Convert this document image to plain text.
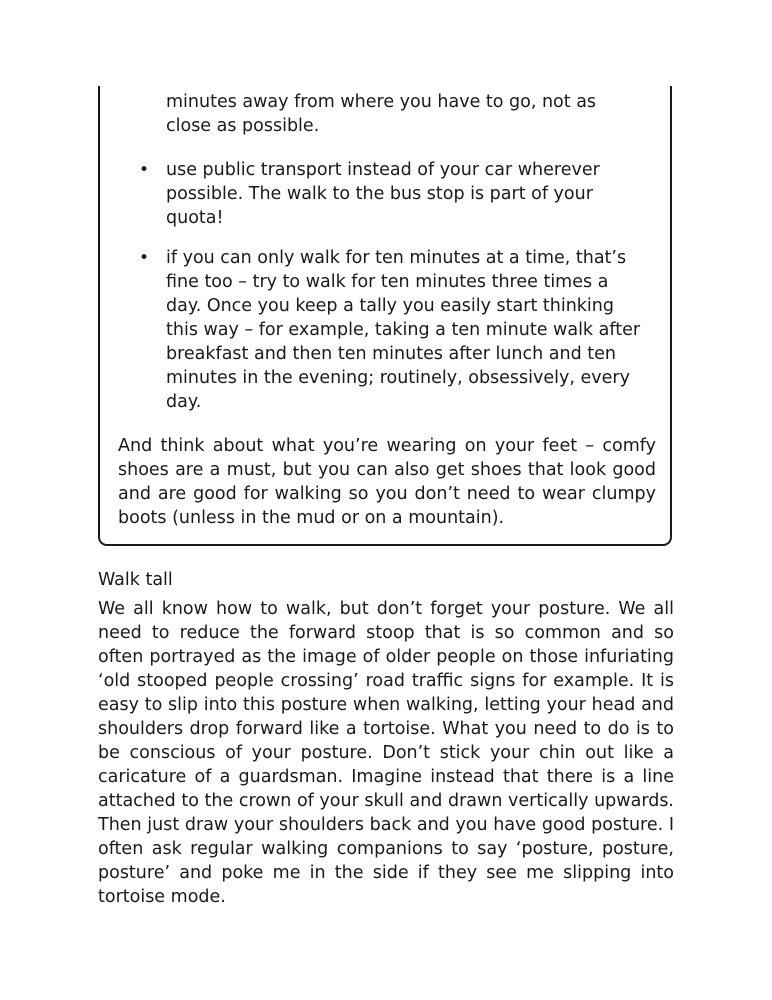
minutes away from where you have to go, not as close as possible.

• use public transport instead of your car wherever possible. The walk to the bus stop is part of your quota!

• if you can only walk for ten minutes at a time, that’s fine too – try to walk for ten minutes three times a day. Once you keep a tally you easily start thinking this way – for example, taking a ten minute walk after breakfast and then ten minutes after lunch and ten minutes in the evening; routinely, obsessively, every day.

And think about what you’re wearing on your feet – comfy shoes are a must, but you can also get shoes that look good and are good for walking so you don’t need to wear clumpy boots (unless in the mud or on a mountain).

Walk tall

We all know how to walk, but don’t forget your posture. We all need to reduce the forward stoop that is so common and so often portrayed as the image of older people on those infuriating ‘old stooped people crossing’ road traffic signs for example. It is easy to slip into this posture when walking, letting your head and shoulders drop forward like a tortoise. What you need to do is to be conscious of your posture. Don’t stick your chin out like a caricature of a guardsman. Imagine instead that there is a line attached to the crown of your skull and drawn vertically upwards. Then just draw your shoulders back and you have good posture. I often ask regular walking companions to say ‘posture, posture, posture’ and poke me in the side if they see me slipping into tortoise mode.
